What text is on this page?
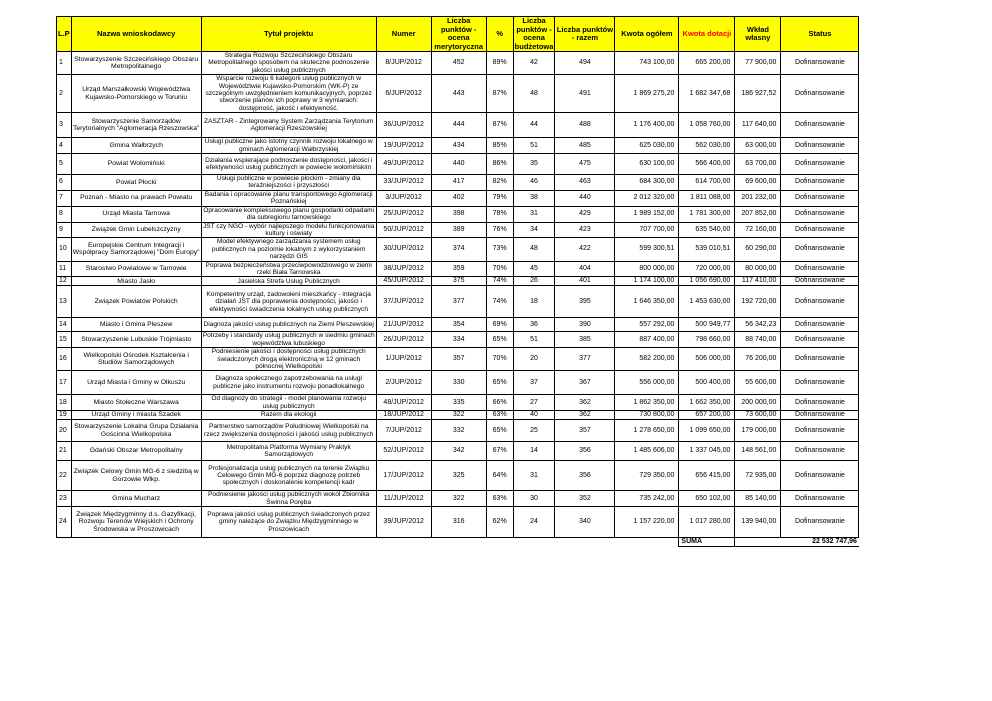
L.P	Nazwa wnioskodawcy	Tytuł projektu	Numer	Liczba punktów - ocena merytoryczna	%	Liczba punktów - ocena budżetowa	Liczba punktów - razem	Kwota ogółem	Kwota dotacji	Wkład własny	Status
1	Stowarzyszenie Szczecińskiego Obszaru Metropolitalnego	Strategia Rozwoju Szczecińskiego Obszaru Metropolitalnego sposobem na skuteczne podnoszenie jakości usług publicznych	8/JUP/2012	452	89%	42	494	743 100,00	665 200,00	77 900,00	Dofinansowanie
2	Urząd Marszałkowski Województwa Kujawsko-Pomorskiego w Toruniu	Wsparcie rozwoju 6 kategorii usług publicznych w Województwie Kujawsko-Pomorskim (WK-P) ze szczególnym uwzględnieniem komunikacyjnych, poprzez stworzenie planów ich poprawy w 3 wymiarach: dostępność, jakość i efektywność.	6/JUP/2012	443	87%	48	491	1 869 275,20	1 682 347,68	186 927,52	Dofinansowanie
3	Stowarzyszenie Samorządów Terytorialnych "Aglomeracja Rzeszowska"	ZASZTAR - Zintegrowany System Zarządzania Terytorium Aglomeracji Rzeszowskiej	36/JUP/2012	444	87%	44	488	1 176 400,00	1 058 760,00	117 640,00	Dofinansowanie
4	Gmina Wałbrzych	Usługi publiczne jako istotny czynnik rozwoju lokalnego w gminach Aglomeracji Wałbrzyskiej	19/JUP/2012	434	85%	51	485	625 030,00	562 030,00	63 000,00	Dofinansowanie
5	Powiat Wołomiński	Działania wspierające podnoszenie dostępności, jakości i efektywności usług publicznych w powiecie wołomińskim	49/JUP/2012	440	86%	35	475	630 100,00	566 400,00	63 700,00	Dofinansowanie
6	Powiat Płocki	Usługi publiczne w powiecie płockim - zmiany dla teraźniejszości i przyszłości	33/JUP/2012	417	82%	46	463	684 300,00	614 700,00	69 600,00	Dofinansowanie
7	Poznań - Miasto na prawach Powiatu	Badania i opracowanie planu transportowego Aglomeracji Poznańskiej	3/JUP/2012	402	79%	38	440	2 012 320,00	1 811 088,00	201 232,00	Dofinansowanie
8	Urząd Miasta Tarnowa	Opracowanie kompleksowego planu gospodarki odpadami dla subregionu tarnowskiego	25/JUP/2012	398	78%	31	429	1 989 152,00	1 781 300,00	207 852,00	Dofinansowanie
9	Związek Gmin Lubelszczyzny	JST czy NGO - wybór najlepszego modelu funkcjonowania kultury i oświaty	50/JUP/2012	389	76%	34	423	707 700,00	635 540,00	72 160,00	Dofinansowanie
10	Europejskie Centrum Integracji i Współpracy Samorządowej "Dom Europy"	Model efektywnego zarządzania systemem usług publicznych na poziomie lokalnym z wykorzystaniem narzędzi GIS	30/JUP/2012	374	73%	48	422	599 300,51	539 010,51	60 290,00	Dofinansowanie
11	Starostwo Powiatowe w Tarnowie	Poprawa bezpieczeństwa przeciwpowodziowego w ziemi rzeki Biała Tarnowska	38/JUP/2012	359	70%	45	404	800 000,00	720 000,00	80 000,00	Dofinansowanie
12	Miasto Jasło	Jasielska Strefa Usług Publicznych	45/JUP/2012	375	74%	26	401	1 174 100,00	1 056 690,00	117 410,00	Dofinansowanie
13	Związek Powiatów Polskich	Kompetentny urząd, zadowoleni mieszkańcy - integracja działań JST dla poprawienia dostępności, jakości i efektywności świadczenia lokalnych usług publicznych	37/JUP/2012	377	74%	18	395	1 646 350,00	1 453 630,00	192 720,00	Dofinansowanie
14	Miasto i Gmina Pleszew	Diagnoza jakości usług publicznych na Ziemi Pleszewskiej	21/JUP/2012	354	69%	36	390	557 292,00	500 949,77	56 342,23	Dofinansowanie
15	Stowarzyszenie Lubuskie Trójmiasto	Potrzeby i standardy usług publicznych w siedmiu gminach województwa lubuskiego	26/JUP/2012	334	65%	51	385	887 400,00	798 660,00	88 740,00	Dofinansowanie
16	Wielkopolski Ośrodek Kształcenia i Studiów Samorządowych	Podniesienie jakości i dostępności usług publicznych świadczonych drogą elektroniczną w 12 gminach północnej Wielkopolski	1/JUP/2012	357	70%	20	377	582 200,00	506 000,00	76 200,00	Dofinansowanie
17	Urząd Miasta i Gminy w Olkuszu	Diagnoza społecznego zapotrzebowania na usługi publiczne jako instrumentu rozwoju ponadlokalnego	2/JUP/2012	330	65%	37	367	556 000,00	500 400,00	55 600,00	Dofinansowanie
18	Miasto Stołeczne Warszawa	Od diagnozy do strategii - model planowania rozwoju usług publicznych	48/JUP/2012	335	66%	27	362	1 862 350,00	1 662 350,00	200 000,00	Dofinansowanie
19	Urząd Gminy i miasta Szadek	Razem dla ekologii	18/JUP/2012	322	63%	40	362	730 800,00	657 200,00	73 600,00	Dofinansowanie
20	Stowarzyszenie Lokalna Grupa Działania Gościnna Wielkopolska	Partnerstwo samorządów Południowej Wielkopolski na rzecz zwiększenia dostępności i jakości usług publicznych	7/JUP/2012	332	65%	25	357	1 278 650,00	1 099 650,00	179 000,00	Dofinansowanie
21	Gdański Obszar Metropolitalny	Metropolitalna Platforma Wymiany Praktyk Samorządowych	52/JUP/2012	342	67%	14	356	1 485 606,00	1 337 045,00	148 561,00	Dofinansowanie
22	Związek Celowy Gmin MG-6 z siedzibą w Gorzowie Wlkp.	Profesjonalizacja usług publicznych na terenie Związku Celowego Gmin MG-6 poprzez diagnozę potrzeb społecznych i doskonalenie kompetencji kadr	17/JUP/2012	325	64%	31	356	729 350,00	656 415,00	72 935,00	Dofinansowanie
23	Gmina Mucharz	Podniesienie jakości usług publicznych wokół Zbiornika Świnna Poręba	11/JUP/2012	322	63%	30	352	735 242,00	650 102,00	85 140,00	Dofinansowanie
24	Związek Międzygminny d.s. Gazyfikacji, Rozwoju Terenów Wiejskich i Ochrony Środowiska w Proszowicach	Poprawa jakości usług publicznych świadczonych przez gminy należące do Związku Międzygminnego w Proszowicach	39/JUP/2012	316	62%	24	340	1 157 220,00	1 017 280,00	139 940,00	Dofinansowanie
									SUMA	22 532 747,96	
